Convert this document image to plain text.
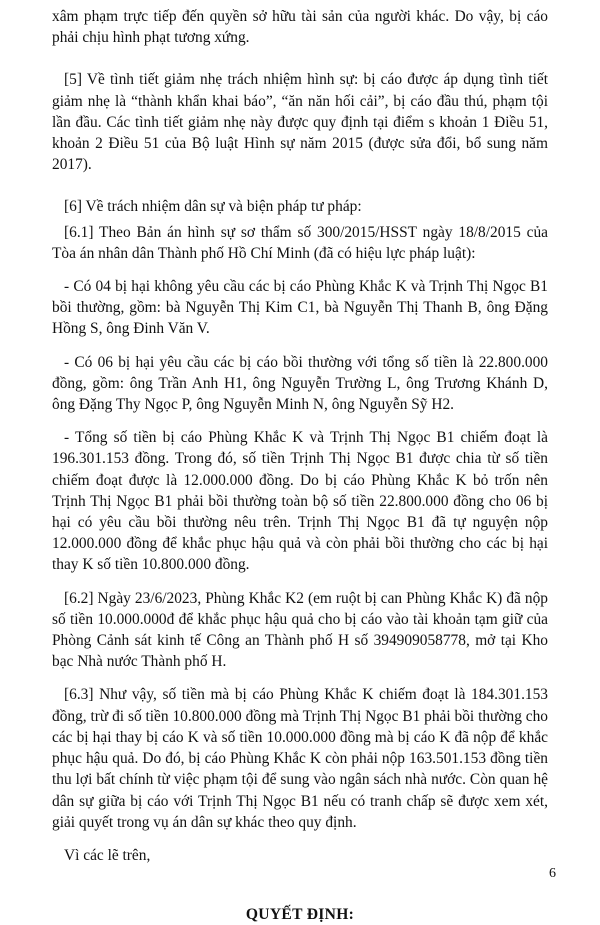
xâm phạm trực tiếp đến quyền sở hữu tài sản của người khác. Do vậy, bị cáo phải chịu hình phạt tương xứng.

[5] Về tình tiết giảm nhẹ trách nhiệm hình sự: bị cáo được áp dụng tình tiết giảm nhẹ là “thành khẩn khai báo”, “ăn năn hối cải”, bị cáo đầu thú, phạm tội lần đầu. Các tình tiết giảm nhẹ này được quy định tại điểm s khoản 1 Điều 51, khoản 2 Điều 51 của Bộ luật Hình sự năm 2015 (được sửa đổi, bổ sung năm 2017).

[6] Về trách nhiệm dân sự và biện pháp tư pháp:

[6.1] Theo Bản án hình sự sơ thẩm số 300/2015/HSST ngày 18/8/2015 của Tòa án nhân dân Thành phố Hồ Chí Minh (đã có hiệu lực pháp luật):

- Có 04 bị hại không yêu cầu các bị cáo Phùng Khắc K và Trịnh Thị Ngọc B1 bồi thường, gồm: bà Nguyễn Thị Kim C1, bà Nguyễn Thị Thanh B, ông Đặng Hồng S, ông Đinh Văn V.

- Có 06 bị hại yêu cầu các bị cáo bồi thường với tổng số tiền là 22.800.000 đồng, gồm: ông Trần Anh H1, ông Nguyễn Trường L, ông Trương Khánh D, ông Đặng Thy Ngọc P, ông Nguyễn Minh N, ông Nguyễn Sỹ H2.

- Tổng số tiền bị cáo Phùng Khắc K và Trịnh Thị Ngọc B1 chiếm đoạt là 196.301.153 đồng. Trong đó, số tiền Trịnh Thị Ngọc B1 được chia từ số tiền chiếm đoạt được là 12.000.000 đồng. Do bị cáo Phùng Khắc K bỏ trốn nên Trịnh Thị Ngọc B1 phải bồi thường toàn bộ số tiền 22.800.000 đồng cho 06 bị hại có yêu cầu bồi thường nêu trên. Trịnh Thị Ngọc B1 đã tự nguyện nộp 12.000.000 đồng để khắc phục hậu quả và còn phải bồi thường cho các bị hại thay K số tiền 10.800.000 đồng.

[6.2] Ngày 23/6/2023, Phùng Khắc K2 (em ruột bị can Phùng Khắc K) đã nộp số tiền 10.000.000đ để khắc phục hậu quả cho bị cáo vào tài khoản tạm giữ của Phòng Cảnh sát kinh tế Công an Thành phố H số 394909058778, mở tại Kho bạc Nhà nước Thành phố H.

[6.3] Như vậy, số tiền mà bị cáo Phùng Khắc K chiếm đoạt là 184.301.153 đồng, trừ đi số tiền 10.800.000 đồng mà Trịnh Thị Ngọc B1 phải bồi thường cho các bị hại thay bị cáo K và số tiền 10.000.000 đồng mà bị cáo K đã nộp để khắc phục hậu quả. Do đó, bị cáo Phùng Khắc K còn phải nộp 163.501.153 đồng tiền thu lợi bất chính từ việc phạm tội để sung vào ngân sách nhà nước. Còn quan hệ dân sự giữa bị cáo với Trịnh Thị Ngọc B1 nếu có tranh chấp sẽ được xem xét, giải quyết trong vụ án dân sự khác theo quy định.

Vì các lẽ trên,

QUYẾT ĐỊNH:

6
